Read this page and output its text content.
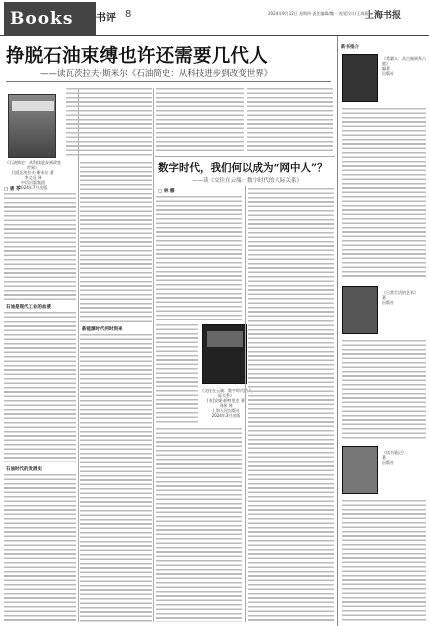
Books	书评 8	2024年9月12日 星期四 责任编辑/魏一 视觉设计/王海燕
上海书报
挣脱石油束缚也许还需要几代人
——读瓦茨拉夫·斯米尔《石油简史：从科技进步到改变世界》
《石油简史：从科技进步到改变世界》
[加]瓦茨拉夫·斯米尔 著
李文远 译
中信出版集团
2024年7月出版
□ 唐 苓
石油是现代工业的血液
石油时代的发展史
新能源时代何时到来
数字时代，我们何以成为“网中人”？
——读《交往在云端：数字时代的人际关系》
□ 林 娜
《交往在云端：数字时代的人际关系》
[英]安妮·帕特里克 著
刘伟 译
上海人民出版社
2024年3月出版
新书推介
《希腊人：从古典到拜占庭》
编著
出版社
《日常生活的艺术》
著
出版社
《读书笔记》
著
出版社
